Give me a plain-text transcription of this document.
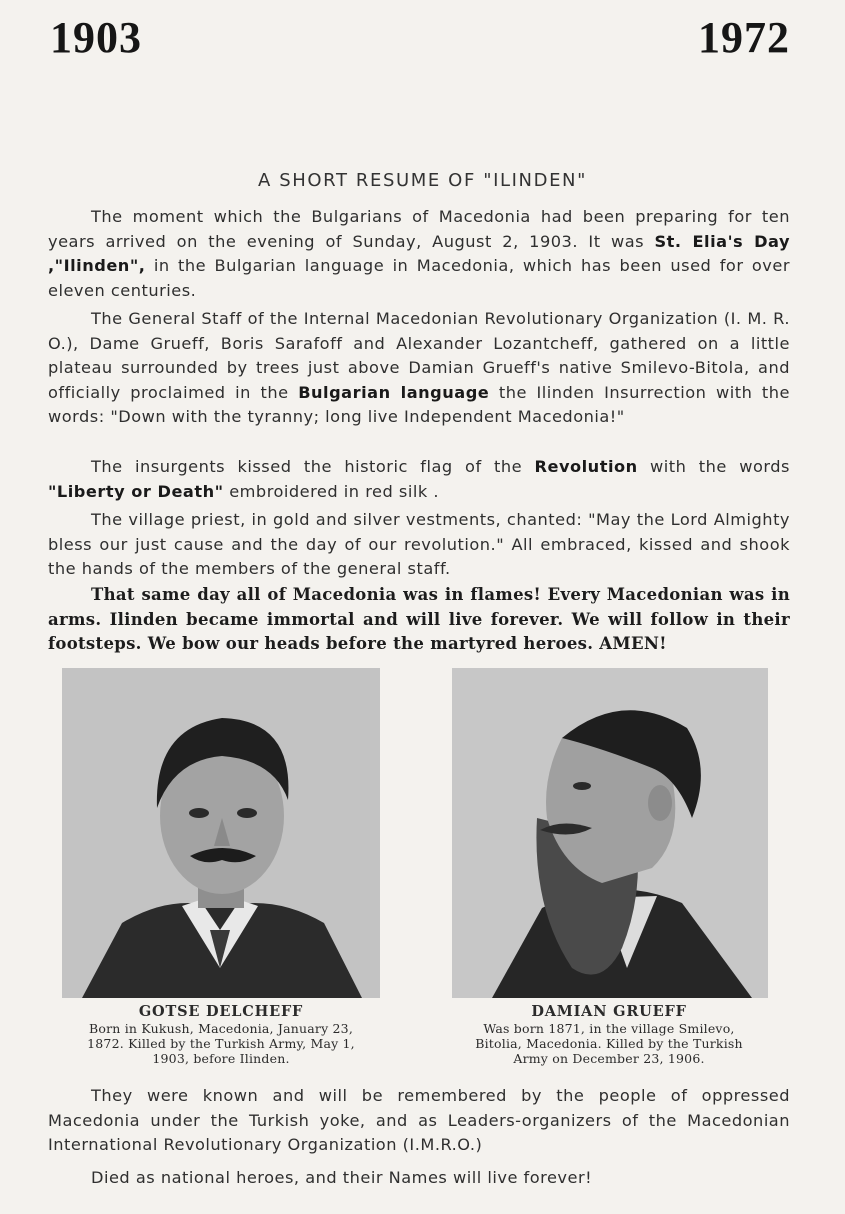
1903	1972
A SHORT RESUME OF "ILINDEN"

The moment which the Bulgarians of Macedonia had been preparing for ten years arrived on the evening of Sunday, August 2, 1903. It was St. Elia's Day ,"Ilinden", in the Bulgarian language in Macedonia, which has been used for over eleven centuries.

The General Staff of the Internal Macedonian Revolutionary Organization (I. M. R. O.), Dame Grueff, Boris Sarafoff and Alexander Lozantcheff, gathered on a little plateau surrounded by trees just above Damian Grueff's native Smilevo-Bitola, and officially proclaimed in the Bulgarian language the Ilinden Insurrection with the words: "Down with the tyranny; long live Independent Macedonia!"

The insurgents kissed the historic flag of the Revolution with the words "Liberty or Death" embroidered in red silk .

The village priest, in gold and silver vestments, chanted: "May the Lord Almighty bless our just cause and the day of our revolution." All embraced, kissed and shook the hands of the members of the general staff.

That same day all of Macedonia was in flames! Every Macedonian was in arms. Ilinden became immortal and will live forever. We will follow in their footsteps. We bow our heads before the martyred heroes. AMEN!

GOTSE DELCHEFF
Born in Kukush, Macedonia, January 23,
1872. Killed by the Turkish Army, May 1,
1903, before Ilinden.
DAMIAN GRUEFF
Was born 1871, in the village Smilevo,
Bitolia, Macedonia. Killed by the Turkish
Army on December 23, 1906.

They were known and will be remembered by the people of oppressed Macedonia under the Turkish yoke, and as Leaders-organizers of the Macedonian International Revolutionary Organization (I.M.R.O.)

Died as national heroes, and their Names will live forever!
